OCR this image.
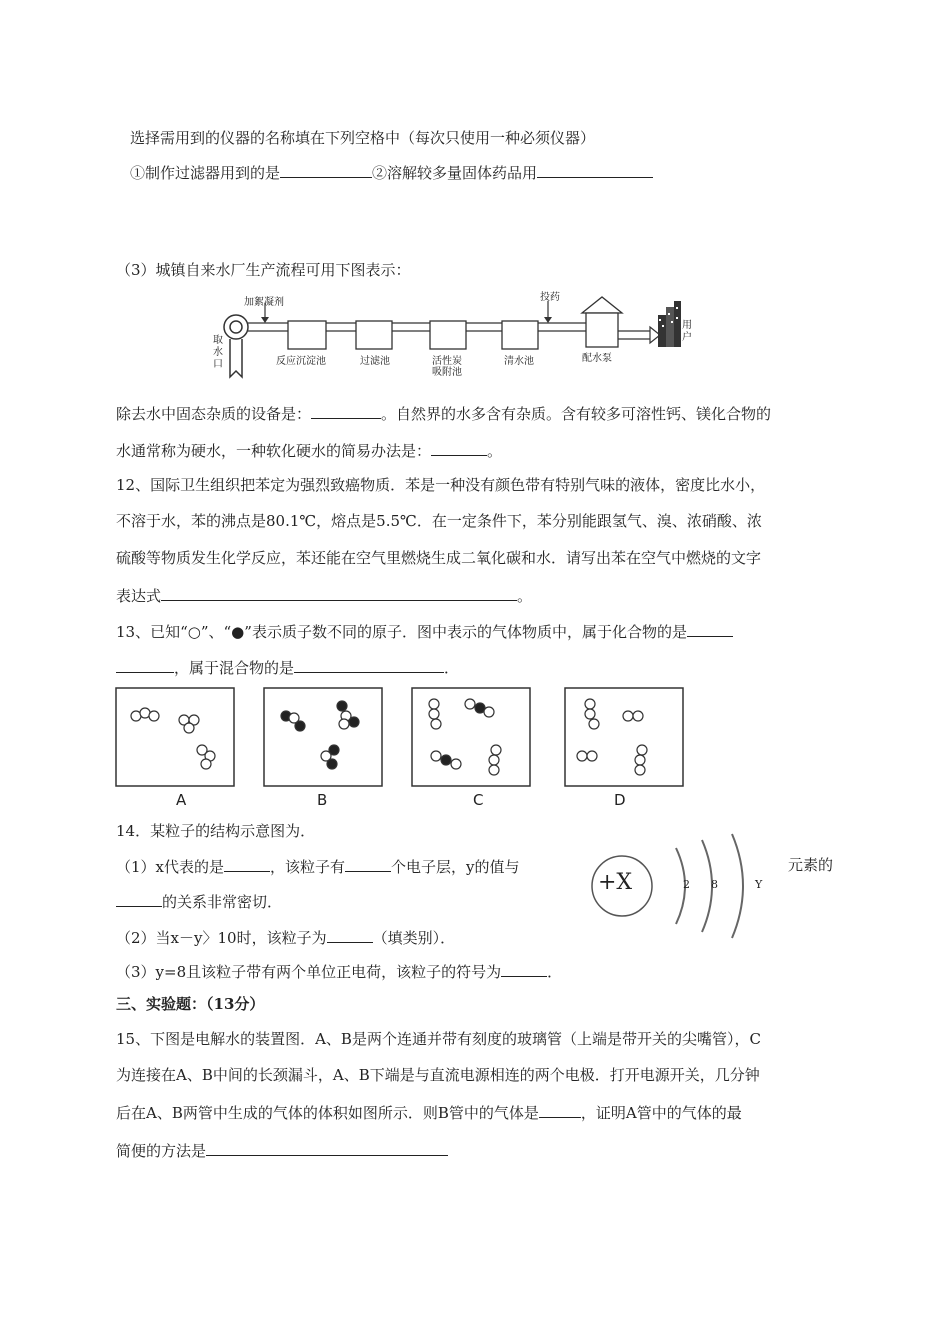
选择需用到的仪器的名称填在下列空格中（每次只使用一种必须仪器）
①制作过滤器用到的是	②溶解较多量固体药品用
（3）城镇自来水厂生产流程可用下图表示：
加絮凝剂
取水口	反应沉淀池	过滤池	活性炭
吸附池
清水池
投药
配水泵
用户
除去水中固态杂质的设备是：	。自然界的水多含有杂质。含有较多可溶性钙、镁化合物的
水通常称为硬水，一种软化硬水的简易办法是：	。
12、国际卫生组织把苯定为强烈致癌物质．苯是一种没有颜色带有特别气味的液体，密度比水小，
不溶于水，苯的沸点是80.1℃，熔点是5.5℃．在一定条件下，苯分别能跟氢气、溴、浓硝酸、浓
硫酸等物质发生化学反应，苯还能在空气里燃烧生成二氧化碳和水．请写出苯在空气中燃烧的文字
表达式	。
13、已知“○”、“●”表示质子数不同的原子．图中表示的气体物质中，属于化合物的是
，属于混合物的是	．
A	B	C	D
14．某粒子的结构示意图为．
（1）x代表的是	，该粒子有	个电子层，y的值与	元素的
的关系非常密切．
（2）当x－y〉10时，该粒子为	（填类别）．
（3）y=8且该粒子带有两个单位正电荷，该粒子的符号为	．
+X	2 8	Y
三、实验题：（13分）
15、下图是电解水的装置图．A、B是两个连通并带有刻度的玻璃管（上端是带开关的尖嘴管），C
为连接在A、B中间的长颈漏斗，A、B下端是与直流电源相连的两个电极．打开电源开关，几分钟
后在A、B两管中生成的气体的体积如图所示．则B管中的气体是	，证明A管中的气体的最
简便的方法是
